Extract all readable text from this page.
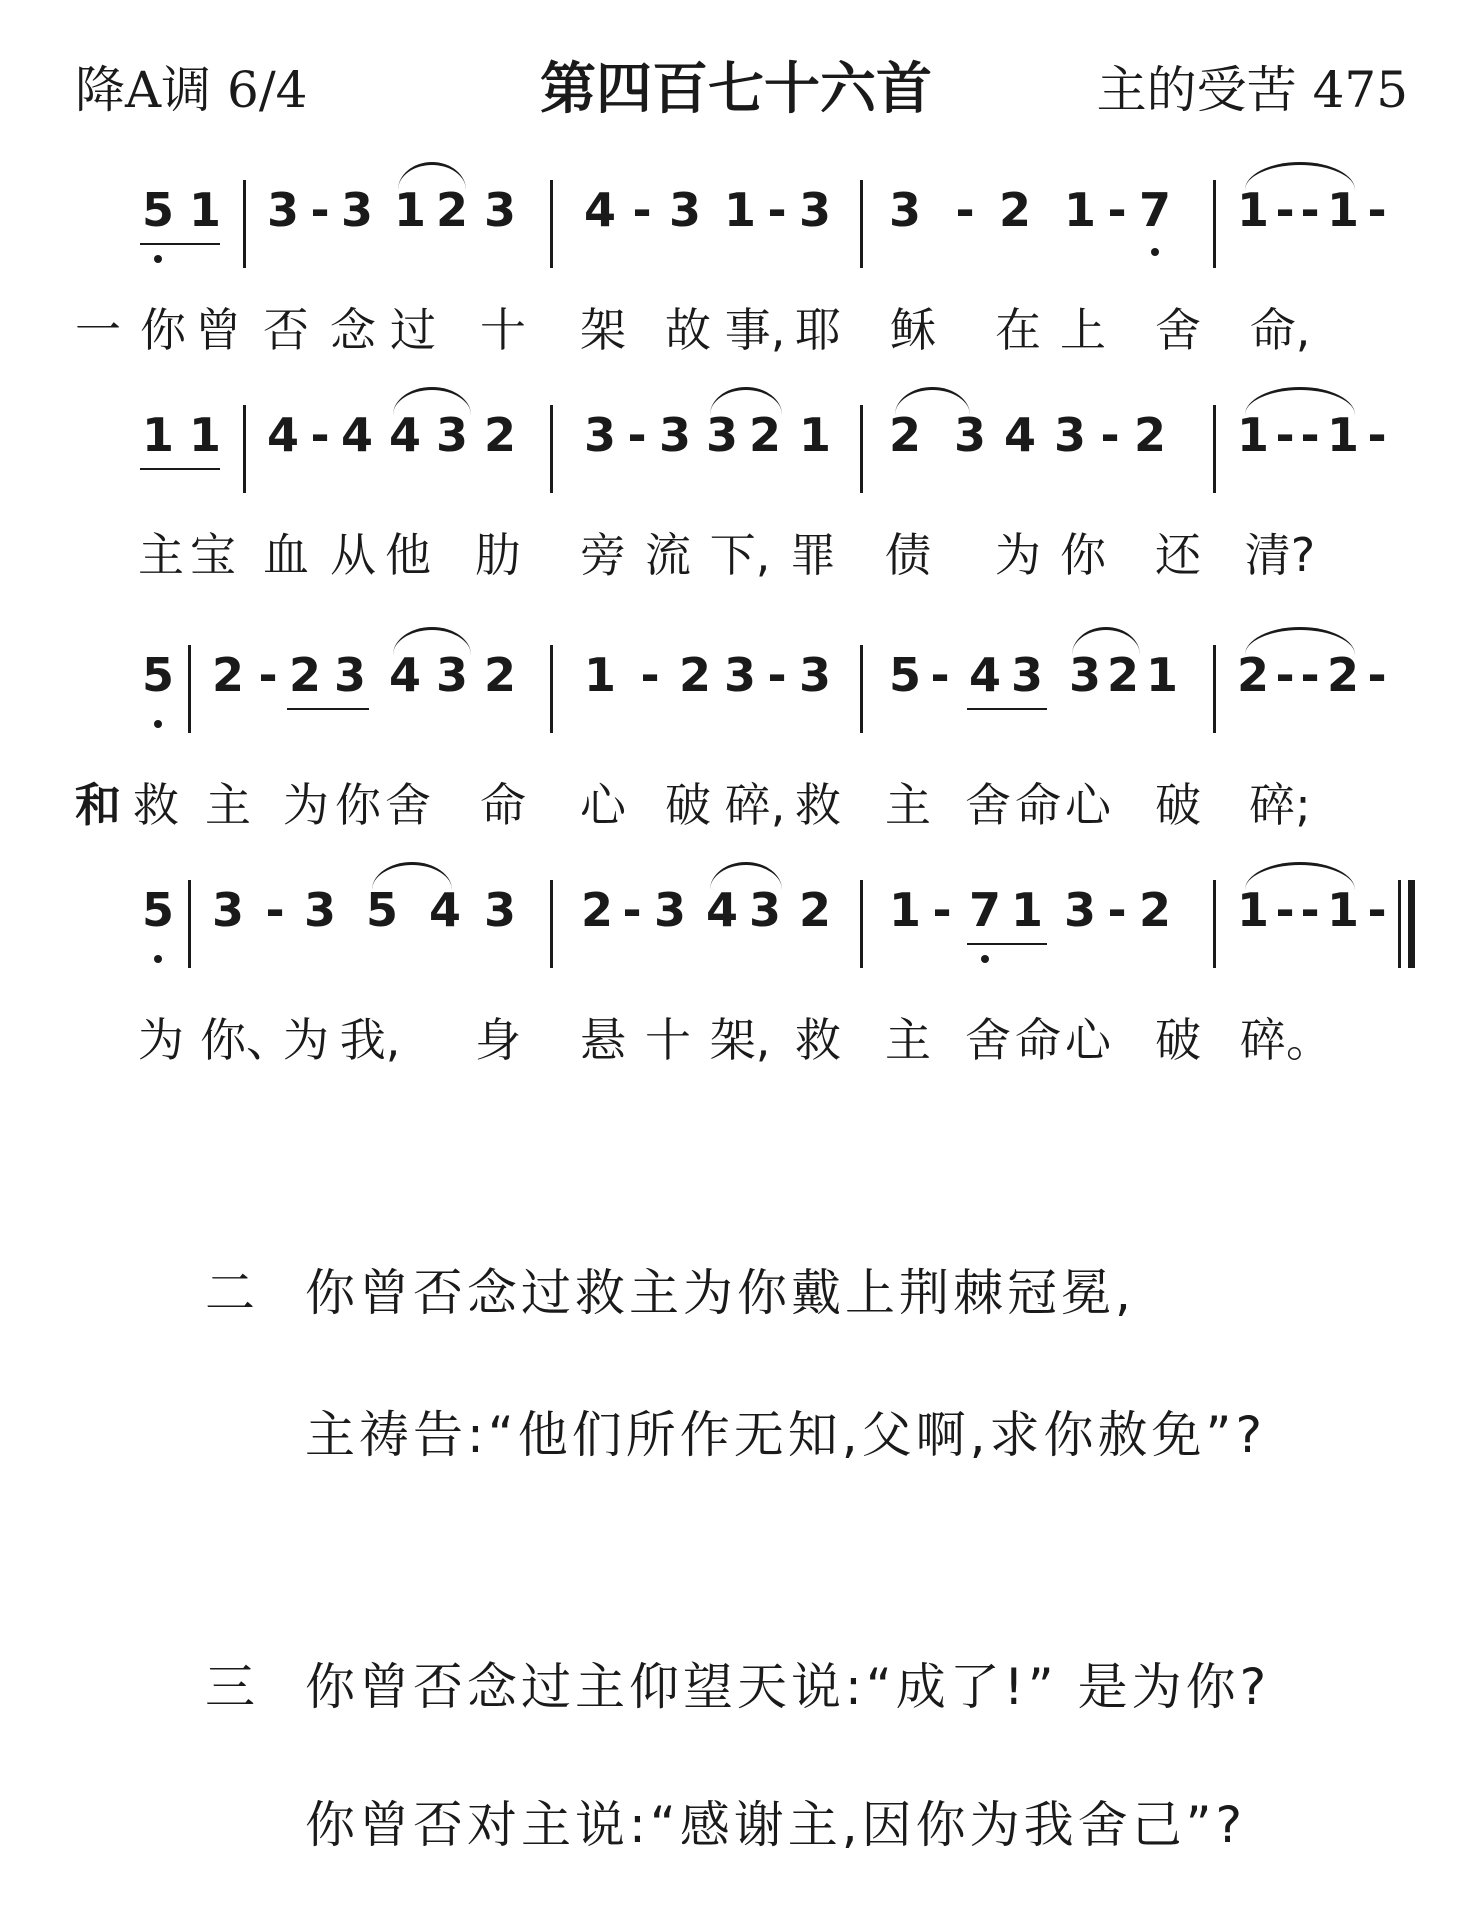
降A调 6/4	第四百七十六首	主的受苦 475
5 1 3 - 3 1 2 3 4 - 3 1 - 3 3 - 2 1 - 7 1 - - 1 -
一 你 曾 否 念 过 十 架 故 事, 耶 稣 在 上 舍 命,
1 1 4 - 4 4 3 2 3 - 3 3 2 1 2 3 4 3 - 2 1 - - 1 -
主 宝 血 从 他 肋 旁 流 下, 罪 债 为 你 还 清?
5 2 - 2 3 4 3 2 1 - 2 3 - 3 5 - 4 3 3 2 1 2 - - 2 -
和 救 主 为 你 舍 命 心 破 碎, 救 主 舍 命 心 破 碎;
5 3 - 3 5 4 3 2 - 3 4 3 2 1 - 7 1 3 - 2 1 - - 1 -
为 你、
为 我, 身 悬 十 架, 救 主 舍 命 心 破 碎。
二 你曾否念过救主为你戴上荆棘冠冕,
主祷告:“他们所作无知,父啊,求你赦免”?
三 你曾否念过主仰望天说:“成了!” 是为你?
你曾否对主说:“感谢主,因你为我舍己”?
